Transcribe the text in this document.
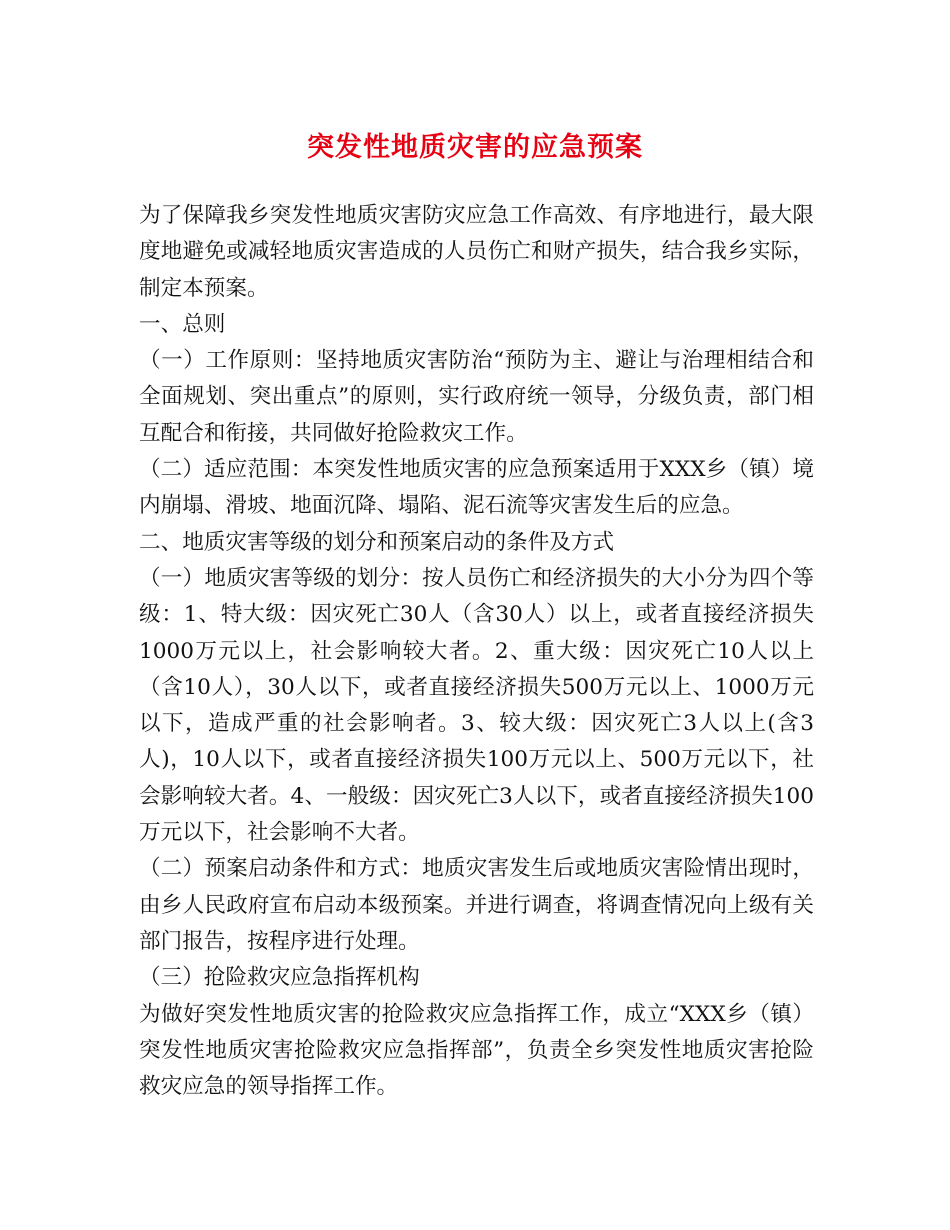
突发性地质灾害的应急预案

为了保障我乡突发性地质灾害防灾应急工作高效、有序地进行，最大限度地避免或减轻地质灾害造成的人员伤亡和财产损失，结合我乡实际，制定本预案。

一、总则

（一）工作原则：坚持地质灾害防治“预防为主、避让与治理相结合和全面规划、突出重点”的原则，实行政府统一领导，分级负责，部门相互配合和衔接，共同做好抢险救灾工作。

（二）适应范围：本突发性地质灾害的应急预案适用于XXX乡（镇）境内崩塌、滑坡、地面沉降、塌陷、泥石流等灾害发生后的应急。

二、地质灾害等级的划分和预案启动的条件及方式

（一）地质灾害等级的划分：按人员伤亡和经济损失的大小分为四个等级：1、特大级：因灾死亡30人（含30人）以上，或者直接经济损失1000万元以上，社会影响较大者。2、重大级：因灾死亡10人以上（含10人），30人以下，或者直接经济损失500万元以上、1000万元以下，造成严重的社会影响者。3、较大级：因灾死亡3人以上(含3人)，10人以下，或者直接经济损失100万元以上、500万元以下，社会影响较大者。4、一般级：因灾死亡3人以下，或者直接经济损失100万元以下，社会影响不大者。

（二）预案启动条件和方式：地质灾害发生后或地质灾害险情出现时，由乡人民政府宣布启动本级预案。并进行调查，将调查情况向上级有关部门报告，按程序进行处理。

（三）抢险救灾应急指挥机构

为做好突发性地质灾害的抢险救灾应急指挥工作，成立“XXX乡（镇）突发性地质灾害抢险救灾应急指挥部”，负责全乡突发性地质灾害抢险救灾应急的领导指挥工作。
